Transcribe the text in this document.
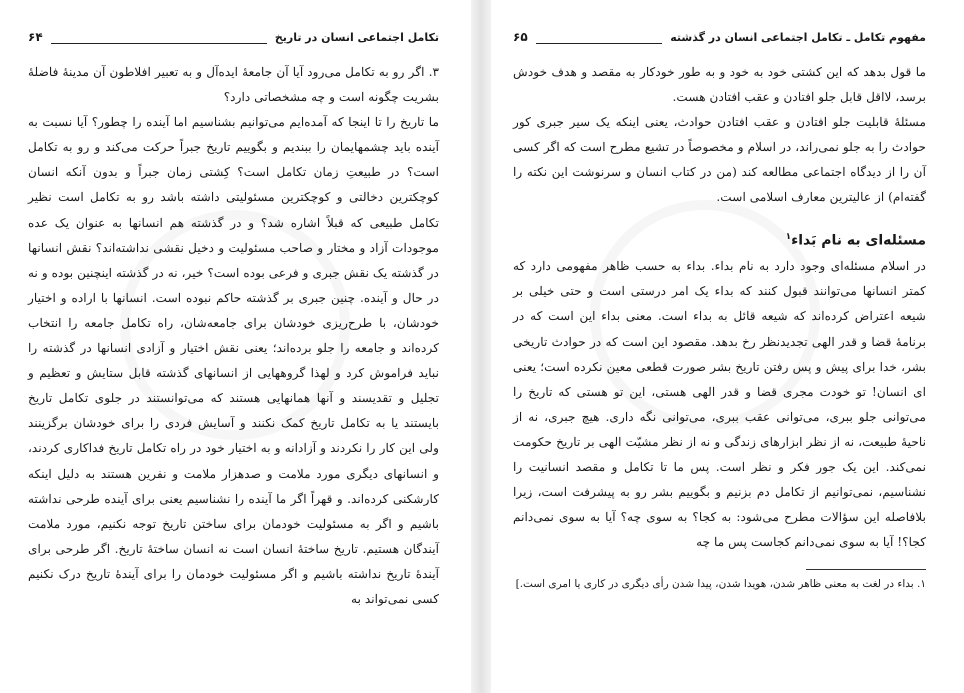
تکامل اجتماعی انسان در تاریخ
۶۴

۳. اگر رو به تکامل می‌رود آیا آن جامعهٔ ایده‌آل و به تعبیر افلاطون آن مدینهٔ فاضلهٔ بشریت چگونه است و چه مشخصاتی دارد؟

ما تاریخ را تا اینجا که آمده‌ایم می‌توانیم بشناسیم اما آینده را چطور؟ آیا نسبت به آینده باید چشمهایمان را ببندیم و بگوییم تاریخ جبراً حرکت می‌کند و رو به تکامل است؟ در طبیعتِ زمان تکامل است؟ کِشتی زمان جبراً و بدون آنکه انسان کوچکترین دخالتی و کوچکترین مسئولیتی داشته باشد رو به تکامل است نظیر تکامل طبیعی که قبلاً اشاره شد؟ و در گذشته هم انسانها به عنوان یک عده موجودات آزاد و مختار و صاحب مسئولیت و دخیل نقشی نداشته‌اند؟ نقش انسانها در گذشته یک نقش جبری و فرعی بوده است؟ خیر، نه در گذشته اینچنین بوده و نه در حال و آینده. چنین جبری بر گذشته حاکم نبوده است. انسانها با اراده و اختیار خودشان، با طرح‌ریزی خودشان برای جامعه‌شان، راه تکامل جامعه را انتخاب کرده‌اند و جامعه را جلو برده‌اند؛ یعنی نقش اختیار و آزادی انسانها در گذشته را نباید فراموش کرد و لهذا گروههایی از انسانهای گذشته قابل ستایش و تعظیم و تجلیل و تقدیسند و آنها همانهایی هستند که می‌توانستند در جلوی تکامل تاریخ بایستند یا به تکامل تاریخ کمک نکنند و آسایش فردی را برای خودشان برگزینند ولی این کار را نکردند و آزادانه و به اختیار خود در راه تکامل تاریخ فداکاری کردند، و انسانهای دیگری مورد ملامت و صدهزار ملامت و نفرین هستند به دلیل اینکه کارشکنی کرده‌اند. و قهراً اگر ما آینده را نشناسیم یعنی برای آینده طرحی نداشته باشیم و اگر به مسئولیت خودمان برای ساختن تاریخ توجه نکنیم، مورد ملامت آیندگان هستیم. تاریخ ساختهٔ انسان است نه انسان ساختهٔ تاریخ. اگر طرحی برای آیندهٔ تاریخ نداشته باشیم و اگر مسئولیت خودمان را برای آیندهٔ تاریخ درک نکنیم کسی نمی‌تواند به

مفهوم تکامل ـ تکامل اجتماعی انسان در گذشته
۶۵

ما قول بدهد که این کشتی خود به خود و به طور خودکار به مقصد و هدف خودش برسد، لااقل قابل جلو افتادن و عقب افتادن هست.

مسئلهٔ قابلیت جلو افتادن و عقب افتادن حوادث، یعنی اینکه یک سیر جبری کور حوادث را به جلو نمی‌راند، در اسلام و مخصوصاً در تشیع مطرح است که اگر کسی آن را از دیدگاه اجتماعی مطالعه کند (من در کتاب انسان و سرنوشت این نکته را گفته‌ام) از عالیترین معارف اسلامی است.

مسئله‌ای به نام بَداء$^۱$

در اسلام مسئله‌ای وجود دارد به نام بداء. بداء به حسب ظاهر مفهومی دارد که کمتر انسانها می‌توانند قبول کنند که بداء یک امر درستی است و حتی خیلی بر شیعه اعتراض کرده‌اند که شیعه قائل به بداء است. معنی بداء این است که در برنامهٔ قضا و قدر الهی تجدیدنظر رخ بدهد. مقصود این است که در حوادث تاریخی بشر، خدا برای پیش و پس رفتن تاریخ بشر صورت قطعی معین نکرده است؛ یعنی ای انسان! تو خودت مجری قضا و قدر الهی هستی، این تو هستی که تاریخ را می‌توانی جلو ببری، می‌توانی عقب ببری، می‌توانی نگه داری. هیچ جبری، نه از ناحیهٔ طبیعت، نه از نظر ابزارهای زندگی و نه از نظر مشیّت الهی بر تاریخ حکومت نمی‌کند. این یک جور فکر و نظر است. پس ما تا تکامل و مقصد انسانیت را نشناسیم، نمی‌توانیم از تکامل دم بزنیم و بگوییم بشر رو به پیشرفت است، زیرا بلافاصله این سؤالات مطرح می‌شود: به کجا؟ به سوی چه؟ آیا به سوی نمی‌دانم کجا؟! آیا به سوی نمی‌دانم کجاست پس ما چه

۱. بداء در لغت به معنی ظاهر شدن، هویدا شدن، پیدا شدن رأی دیگری در کاری یا امری است.]
